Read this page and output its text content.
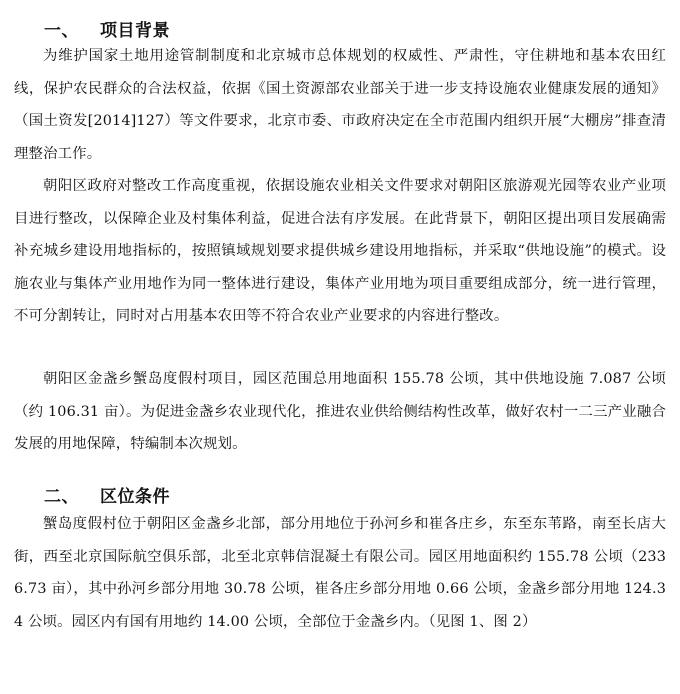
一、 项目背景

为维护国家土地用途管制制度和北京城市总体规划的权威性、严肃性，守住耕地和基本农田红线，保护农民群众的合法权益，依据《国土资源部农业部关于进一步支持设施农业健康发展的通知》（国土资发[2014]127）等文件要求，北京市委、市政府决定在全市范围内组织开展“大棚房”排查清理整治工作。

朝阳区政府对整改工作高度重视，依据设施农业相关文件要求对朝阳区旅游观光园等农业产业项目进行整改，以保障企业及村集体利益，促进合法有序发展。在此背景下，朝阳区提出项目发展确需补充城乡建设用地指标的，按照镇域规划要求提供城乡建设用地指标，并采取“供地设施”的模式。设施农业与集体产业用地作为同一整体进行建设，集体产业用地为项目重要组成部分，统一进行管理，不可分割转让，同时对占用基本农田等不符合农业产业要求的内容进行整改。

朝阳区金盏乡蟹岛度假村项目，园区范围总用地面积 155.78 公顷，其中供地设施 7.087 公顷（约 106.31 亩）。为促进金盏乡农业现代化，推进农业供给侧结构性改革，做好农村一二三产业融合发展的用地保障，特编制本次规划。

二、 区位条件

蟹岛度假村位于朝阳区金盏乡北部，部分用地位于孙河乡和崔各庄乡，东至东苇路，南至长店大街，西至北京国际航空俱乐部，北至北京韩信混凝土有限公司。园区用地面积约 155.78 公顷（2336.73 亩），其中孙河乡部分用地 30.78 公顷，崔各庄乡部分用地 0.66 公顷，金盏乡部分用地 124.34 公顷。园区内有国有用地约 14.00 公顷，全部位于金盏乡内。（见图 1、图 2）
